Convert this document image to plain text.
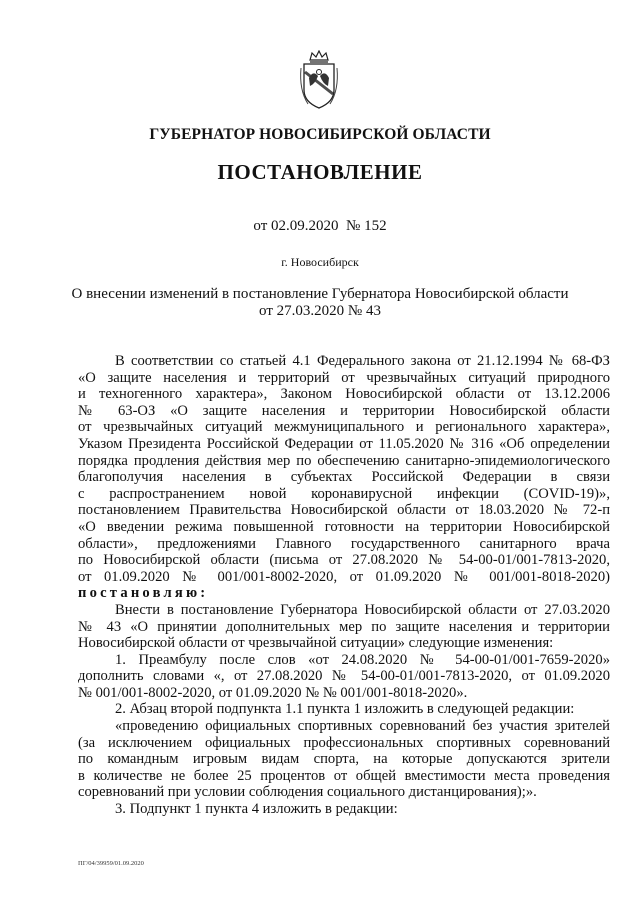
ГУБЕРНАТОР НОВОСИБИРСКОЙ ОБЛАСТИ
ПОСТАНОВЛЕНИЕ
от 02.09.2020  № 152
г. Новосибирск
О внесении изменений в постановление Губернатора Новосибирской области
от 27.03.2020 № 43
В соответствии со статьей 4.1 Федерального закона от 21.12.1994 № 68-ФЗ
«О защите населения и территорий от чрезвычайных ситуаций природного
и техногенного характера», Законом Новосибирской области от 13.12.2006
№ 63-ОЗ «О защите населения и территории Новосибирской области
от чрезвычайных ситуаций межмуниципального и регионального характера»,
Указом Президента Российской Федерации от 11.05.2020 № 316 «Об определении
порядка продления действия мер по обеспечению санитарно-эпидемиологического
благополучия населения в субъектах Российской Федерации в связи
с распространением новой коронавирусной инфекции (COVID-19)»,
постановлением Правительства Новосибирской области от 18.03.2020 № 72-п
«О введении режима повышенной готовности на территории Новосибирской
области», предложениями Главного государственного санитарного врача
по Новосибирской области (письма от 27.08.2020 № 54-00-01/001-7813-2020,
от 01.09.2020 № 001/001-8002-2020, от 01.09.2020 № 001/001-8018-2020)
постановляю:
Внести в постановление Губернатора Новосибирской области от 27.03.2020
№ 43 «О принятии дополнительных мер по защите населения и территории
Новосибирской области от чрезвычайной ситуации» следующие изменения:
1. Преамбулу после слов «от 24.08.2020 № 54-00-01/001-7659-2020»
дополнить словами «, от 27.08.2020 № 54-00-01/001-7813-2020, от 01.09.2020
№ 001/001-8002-2020, от 01.09.2020 № № 001/001-8018-2020».
2. Абзац второй подпункта 1.1 пункта 1 изложить в следующей редакции:
«проведению официальных спортивных соревнований без участия зрителей
(за исключением официальных профессиональных спортивных соревнований
по командным игровым видам спорта, на которые допускаются зрители
в количестве не более 25 процентов от общей вместимости места проведения
соревнований при условии соблюдения социального дистанцирования);».
3. Подпункт 1 пункта 4 изложить в редакции:
ПГ/04/39959/01.09.2020
